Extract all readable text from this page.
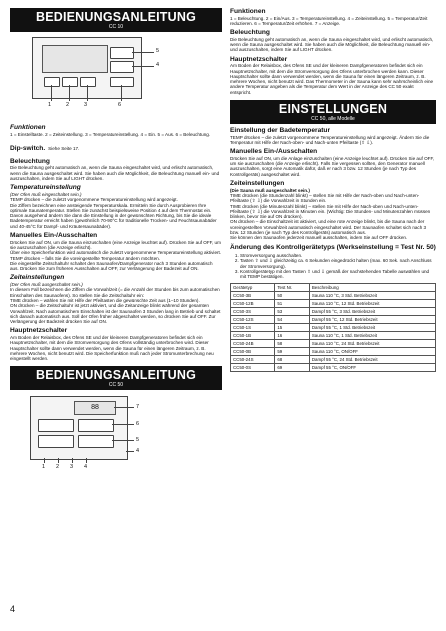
BEDIENUNGSANLEITUNG
CC 10
1	2	3	6
5
4
Funktionen

1 = Einstelltaste. 2 = Zeiteinstellung. 3 = Temperatureinstellung. 4 = Ein. 5 = Aus. 6 = Beleuchtung.

Dip-switch. Siehe Seite 17.

Beleuchtung

Die Beleuchtung geht automatisch an, wenn die Sauna eingeschaltet wird, und erlischt automatisch, wenn die Sauna ausgeschaltet wird. Sie haben auch die Möglichkeit, die Beleuchtung manuell ein- und auszuschalten, indem Sie auf LIGHT drücken.

Temperatureinstellung

(Der Ofen muß eingeschaltet sein.)

TEMP drücken – die zuletzt vorgenommene Temperatureinstellung wird angezeigt.

Die Ziffern bezeichnen eine ansteigende Temperaturskala. Ermitteln Sie durch Ausprobieren Ihre optimale Saunatemperatur. Stellen Sie zunächst beispielsweise Position 4 auf dem Thermostat ein. Davon ausgehend ändern Sie dann die Einstellung in der gewünschten Richtung, bis Sie die ideale Badetemperatur erreicht haben (gewöhnlich 70-90°C für traditionelle Trocken- und Feuchtsaunabäder und 40-45°C für Dampf- und Kräutersaunabäder).

Manuelles Ein-/Ausschalten

Drücken Sie auf ON, um die Sauna einzuschalten (eine Anzeige leuchtet auf). Drücken Sie auf OFF, um sie auszuschalten (die Anzeige erlischt).

Über eine Speicherfunktion wird automatisch die zuletzt vorgenommene Temperatureinstellung aktiviert.

TEMP drücken – falls Sie die voreingestellte Temperatur ändern möchten.

Die eingestellte Zeitschaltuhr schaltet den Saunaofen/Dampfgenerator nach 3 Stunden automatisch aus. Drücken Sie zum früheren Ausschalten auf OFF, zur Verlängerung der Badezeit auf ON.

Zeiteinstellungen

(Der Ofen muß ausgeschaltet sein.)

In diesem Fall bezeichnen die Ziffern die Vorwahlzeit (= die Anzahl der Stunden bis zum automatischen Einschalten des Saunaofens). So stellen Sie die Zeitschaltuhr ein:

TIME drücken – wählen Sie mit Hilfe der Pfeiltasten die gewünschte Zeit aus (1–10 Stunden).

ON drücken – die Zeitschaltuhr ist jetzt aktiviert, und die Zeitanzeige blinkt während der gesamten Vorwahlzeit. Nach automatischem Einschalten ist der Saunaofen 3 Stunden lang in Betrieb und schaltet sich danach automatisch aus. Soll der Ofen früher abgeschaltet werden, so drücken Sie auf OFF. Zur Verlängerung der Badezeit drücken Sie auf ON.

Hauptnetzschalter

Am Boden der Relaisbox, des Ofens SE und der kleineren Dampfgeneratoren befindet sich ein Hauptnetzschalter, mit dem die Stromversorgung des Ofens vollständig unterbrochen wird. Dieser Hauptschalter sollte dann verwendet werden, wenn die Sauna für einen längeren Zeitraum, z. B. mehrere Wochen, nicht benutzt wird. Die Speicherfunktion muß nach jeder Stromunterbrechung neu eingestellt werden.

BEDIENUNGSANLEITUNG
CC 50
88	7
6
5
4
1 2 3 4
4
Funktionen

1 = Beleuchtung. 2 = Ein/Aus. 3 = Temperatureinstellung. 4 = Zeiteinstellung. 5 = Temperatur/Zeit reduzieren. 6 = Temperatur/Zeit erhöhen. 7 = Anzeige.

Beleuchtung

Die Beleuchtung geht automatisch an, wenn die Sauna eingeschaltet wird, und erlischt automatisch, wenn die Sauna ausgeschaltet wird. Sie haben auch die Möglichkeit, die Beleuchtung manuell ein- und auszuschalten, indem Sie auf LIGHT drücken.

Hauptnetzschalter

Am Boden der Relaisbox, des Ofens SE und der kleineren Dampfgeneratoren befindet sich ein Hauptnetzschalter, mit dem die Stromversorgung des Ofens unterbrochen werden kann. Dieser Hauptschalter sollte dann verwendet werden, wenn die Sauna für einen längeren Zeitraum, z. B. mehrere Wochen, nicht benutzt wird. Das Thermometer in der Sauna kann sehr wahrscheinlich eine andere Temperatur angeben als die Temperatur dem Wert in der Anzeige des CC 50 exakt entspricht.

EINSTELLUNGEN
CC 50, alle Modelle
Einstellung der Badetemperatur

TEMP drücken – die zuletzt vorgenommene Temperatureinstellung wird angezeigt. Ändern Sie die Temperatur mit Hilfe der Nach-oben- und Nach-unten Pfeiltaste (⇧ ⇩).

Manuelles Ein-/Ausschalten

Drücken Sie auf ON, um die Anlage einzuschalten (eine Anzeige leuchtet auf). Drücken Sie auf OFF, um sie auszuschalten (die Anzeige erlischt). Falls Sie vergessen sollten, den Generator manuell auszuschalten, sorgt eine Automatik dafür, daß er nach 3 bzw. 12 Stunden (je nach Typ des Kontrollgeräts) ausgeschaltet wird.

Zeiteinstellungen

(Die Sauna muß ausgeschaltet sein.)

TIME drücken (die Stundenzahl blinkt) – stellen Sie mit Hilfe der Nach-oben und Nach-unten-Pfeiltaste (⇧ ⇩) die Vorwahlzeit in Stunden ein.

TIME drücken (die Minutenzahl blinkt) – stellen Sie mit Hilfe der Nach-oben und Nach-unten-Pfeiltaste (⇧ ⇩) die Vorwahlzeit in Minuten ein. (Wichtig: Die Stunden- und Minutenzahlen müssen blinken, bevor Sie auf ON drücken).

ON drücken – die Einschaltzeit ist aktiviert, und eine rote Anzeige blinkt, bis die Sauna nach der voreingestellten Vorwahlzeit automatisch eingeschaltet wird. Der Saunaofen schaltet sich nach 3 bzw. 12 Stunden (je nach Typ des Kontrollgeräts) automatisch aus.

Sie können den Saunaofen jederzeit manuell ausschalten, indem Sie auf OFF drücken.

Änderung des Kontrollgerätetyps (Werkseinstellung = Test Nr. 50)
1. Stromversorgung ausschalten.
2. Tasten ⇧ und ⇩ gleichzeitig ca. 6 Sekunden eingedrückt halten (max. 60 Sek. nach Anschluss der Stromversorgung).
3. Kontrollgerätetyp mit den Tasten ⇧ und ⇩ gemäß der nachstehenden Tabelle auswählen und mit TEMP bestätigen.
Gerätetyp	Test Nr.	Beschreibung
CC50-3B	50	Sauna 110 °C, 3 Std. Betriebszeit
CC50-12B	51	Sauna 110 °C, 12 Std. Betriebszeit
CC50-3S	53	Dampf 55 °C, 3 Std. Betriebszeit
CC50-12S	54	Dampf 55 °C, 12 Std. Betriebszeit
CC50-1S	15	Dampf 55 °C, 1 Std. Betriebszeit
CC50-1B	16	Sauna 110 °C, 1 Std. Betriebszeit
CC50-24B	58	Sauna 110 °C, 24 Std. Betriebszeit
CC50-0B	59	Sauna 110 °C, ON/OFF
CC50-24S	68	Dampf 55 °C, 24 Std. Betriebszeit
CC50-0S	69	Dampf 55 °C, ON/OFF
